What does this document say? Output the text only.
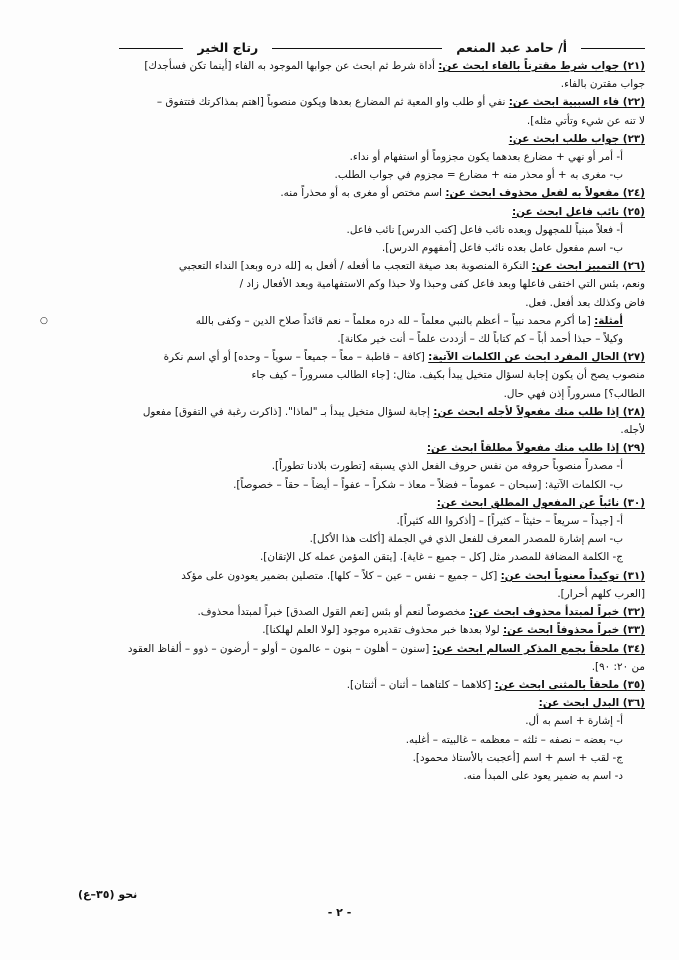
أ/ حامد عبد المنعم
رتاج الخير
(٢١) جواب شرط مقترناً بالفاء ابحث عن: أداة شرط ثم ابحث عن جوابها الموجود به الفاء [أينما تكن فسأجدك]
جواب مقترن بالفاء.
(٢٢) فاء السببية ابحث عن: نفي أو طلب واو المعية ثم المضارع بعدها ويكون منصوباً [اهتم بمذاكرتك فتتفوق –
لا تنه عن شيء وتأتي مثله].
(٢٣) جواب طلب ابحث عن:
أ- أمر أو نهي + مضارع بعدهما يكون مجزوماً أو استفهام أو نداء.
ب- مغرى به + أو محذر منه + مضارع = مجزوم في جواب الطلب.
(٢٤) مفعولاً به لفعل محذوف ابحث عن: اسم مختص أو مغرى به أو محذراً منه.
(٢٥) نائب فاعل ابحث عن:
أ- فعلاً مبنياً للمجهول وبعده نائب فاعل [كتب الدرس] نائب فاعل.
ب- اسم مفعول عامل بعده نائب فاعل [أمفهوم الدرس].
(٢٦) التمييز ابحث عن: النكرة المنصوبة بعد صيغة التعجب ما أفعله / أفعل به [لله دره وبعد] النداء التعجبي
ونعم، بئس التي اختفى فاعلها وبعد فاعل كفى وحبذا ولا حبذا وكم الاستفهامية وبعد الأفعال زاد /
فاض وكذلك بعد أفعل. فعل.
○ أمثلة: [ما أكرم محمد نبياً – أعظم بالنبي معلماً – لله دره معلماً – نعم قائداً صلاح الدين – وكفى بالله
وكيلاً – حبذا أحمد أباً – كم كتاباً لك – أزددت علماً – أنت خير مكانة].
(٢٧) الحال المفرد ابحث عن الكلمات الآتية: [كافة – قاطبة – معاً – جميعاً – سوياً – وحده] أو أي اسم نكرة
منصوب يصح أن يكون إجابة لسؤال متخيل يبدأ بكيف. مثال: [جاء الطالب مسروراً – كيف جاء
الطالب؟] مسروراً إذن فهي حال.
(٢٨) إذا طلب منك مفعولاً لأجله ابحث عن: إجابة لسؤال متخيل يبدأ بـ "لماذا". [ذاكرت رغبة في التفوق] مفعول
لأجله.
(٢٩) إذا طلب منك مفعولاً مطلقاً ابحث عن:
أ- مصدراً منصوباً حروفه من نفس حروف الفعل الذي يسبقه [تطورت بلادنا تطوراً].
ب- الكلمات الآتية: [سبحان – عموماً – فضلاً – معاذ – شكراً – عفواً – أيضاً – حقاً – خصوصاً].
(٣٠) نائباً عن المفعول المطلق ابحث عن:
أ- [جيداً – سريعاً – حثيثاً – كثيراً] – [أذكروا الله كثيراً].
ب- اسم إشارة للمصدر المعرف للفعل الذي في الجملة [أكلت هذا الأكل].
ج- الكلمة المضافة للمصدر مثل [كل – جميع – غاية]. [يتقن المؤمن عمله كل الإتقان].
(٣١) توكيداً معنوياً ابحث عن: [كل – جميع – نفس – عين – كلاً – كلها]. متصلين بضمير يعودون على مؤكد
[العرب كلهم أحرار].
(٣٢) خبراً لمبتدأ محذوف ابحث عن: مخصوصاً لنعم أو بئس [نعم القول الصدق] خبراً لمبتدأ محذوف.
(٣٣) خبراً محذوفاً ابحث عن: لولا بعدها خبر محذوف تقديره موجود [لولا العلم لهلكنا].
(٣٤) ملحقاً بجمع المذكر السالم ابحث عن: [سنون – أهلون – بنون – عالمون – أولو – أرضون – ذوو – ألفاظ العقود
من ٢٠: ٩٠].
(٣٥) ملحقاً بالمثنى ابحث عن: [كلاهما – كلتاهما – أثنان – أثنتان].
(٣٦) البدل ابحث عن:
أ- إشارة + اسم به أل.
ب- بعضه – نصفه – ثلثه – معظمه – غالبيته – أغلبه.
ج- لقب + اسم + اسم [أعجبت بالأستاذ محمود].
د- اسم به ضمير يعود على المبدأ منه.
نحو (٣٥–ع)
- ٢ -
